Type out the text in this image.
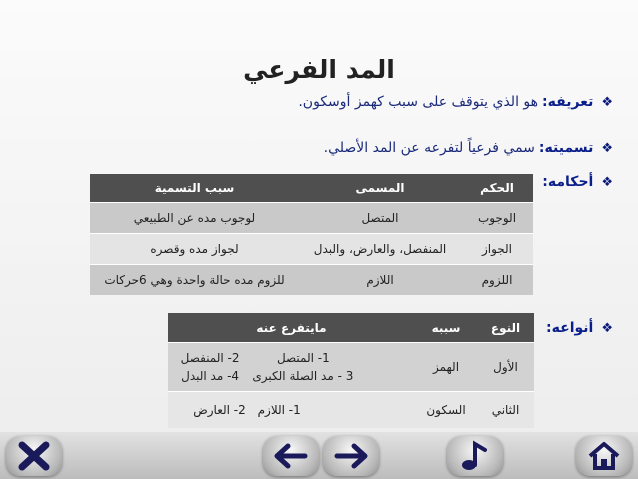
المد الفرعي
❖
تعريفه:
هو الذي يتوقف على سبب كهمز أوسكون.
❖
تسميته:
سمي فرعياً لتفرعه عن المد الأصلي.
❖
أحكامه:
الحكم	المسمى	سبب التسمية
الوجوب	المتصل	لوجوب مده عن الطبيعي
الجواز	المنفصل، والعارض، والبدل	لجواز مده وقصره
اللزوم	اللازم	للزوم مده حالة واحدة وهي 6حركات
❖
أنواعه:
النوع	سببه	مايتفرع عنه
الأول	الهمز	1- المتصل 2- المنفصل
3 - مد الصلة الكبرى 4- مد البدل

الثاني	السكون	1- اللازم 2- العارض
